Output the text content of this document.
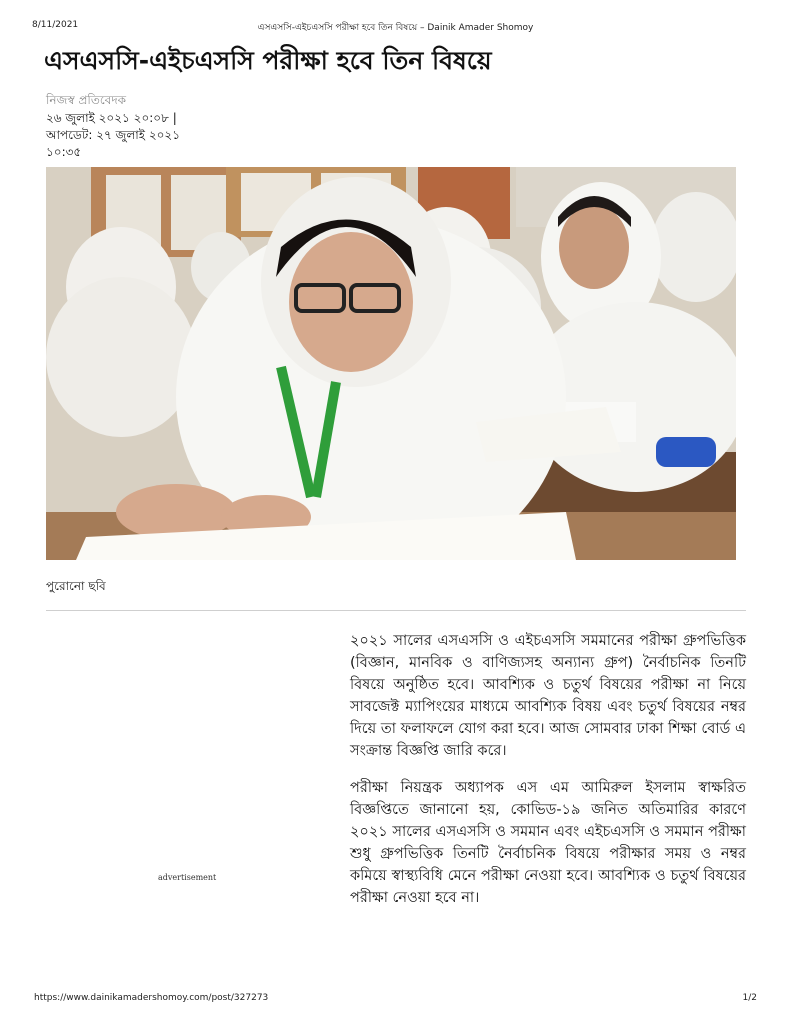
8/11/2021	এসএসসি-এইচএসসি পরীক্ষা হবে তিন বিষয়ে – Dainik Amader Shomoy
এসএসসি-এইচএসসি পরীক্ষা হবে তিন বিষয়ে
নিজস্ব প্রতিবেদক
২৬ জুলাই ২০২১ ২০:০৮ |
আপডেট: ২৭ জুলাই ২০২১
১০:৩৫
পুরোনো ছবি
advertisement

২০২১ সালের এসএসসি ও এইচএসসি সমমানের পরীক্ষা গ্রুপভিত্তিক (বিজ্ঞান, মানবিক ও বাণিজ্যসহ অন্যান্য গ্রুপ) নৈর্বাচনিক তিনটি বিষয়ে অনুষ্ঠিত হবে। আবশ্যিক ও চতুর্থ বিষয়ের পরীক্ষা না নিয়ে সাবজেক্ট ম্যাপিংয়ের মাধ্যমে আবশ্যিক বিষয় এবং চতুর্থ বিষয়ের নম্বর দিয়ে তা ফলাফলে যোগ করা হবে। আজ সোমবার ঢাকা শিক্ষা বোর্ড এ সংক্রান্ত বিজ্ঞপ্তি জারি করে।

পরীক্ষা নিয়ন্ত্রক অধ্যাপক এস এম আমিরুল ইসলাম স্বাক্ষরিত বিজ্ঞপ্তিতে জানানো হয়, কোভিড-১৯ জনিত অতিমারির কারণে ২০২১ সালের এসএসসি ও সমমান এবং এইচএসসি ও সমমান পরীক্ষা শুধু গ্রুপভিত্তিক তিনটি নৈর্বাচনিক বিষয়ে পরীক্ষার সময় ও নম্বর কমিয়ে স্বাস্থ্যবিধি মেনে পরীক্ষা নেওয়া হবে। আবশ্যিক ও চতুর্থ বিষয়ের পরীক্ষা নেওয়া হবে না।

https://www.dainikamadershomoy.com/post/327273	1/2
